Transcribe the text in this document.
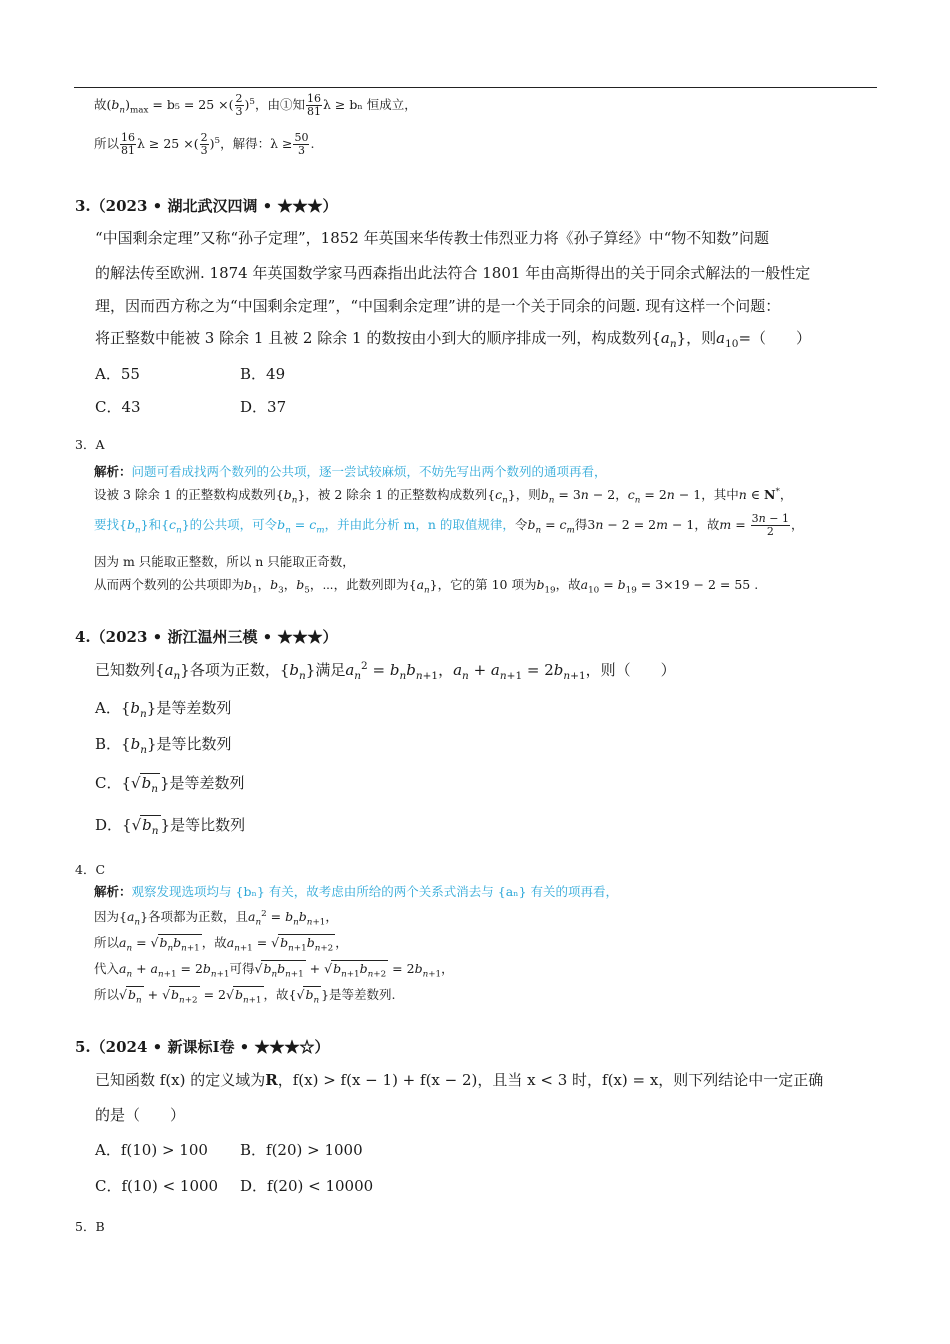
故$(b_n)_{max} = b_5 = 25$ ×( $\frac{2}{3} )^5$，由①知 $\frac{16}{81}$ λ ≥ bₙ 恒成立，
所以 $\frac{16}{81}$ λ ≥ 25 ×( $\frac{2}{3} )^5$，解得：$\lambda \ge \frac{50}{3}$ .
3.（2023 • 湖北武汉四调 • ★★★）
“中国剩余定理”又称“孙子定理”，1852 年英国来华传教士伟烈亚力将《孙子算经》中“物不知数”问题
的解法传至欧洲. 1874 年英国数学家马西森指出此法符合 1801 年由高斯得出的关于同余式解法的一般性定
理，因而西方称之为“中国剩余定理”，“中国剩余定理”讲的是一个关于同余的问题. 现有这样一个问题：
将正整数中能被 3 除余 1 且被 2 除余 1 的数按由小到大的顺序排成一列，构成数列$\{a_n\}$，则$a_{10}=$（　　）
A．55	B．49
C．43	D．37
3．A
解析：问题可看成找两个数列的公共项，逐一尝试较麻烦，不妨先写出两个数列的通项再看，
设被 3 除余 1 的正整数构成数列$\{b_n\}$，被 2 除余 1 的正整数构成数列$\{c_n\}$，则$b_n = 3n - 2$，$c_n = 2n - 1$，其中n ∈ N*，
要找$\{b_n\}$和$\{c_n\}$的公共项，可令$b_n = c_m$，并由此分析 m，n 的取值规律，令$b_n = c_m$得3n − 2 = 2m − 1，故$m = \frac{3n - 1}{2}$ ，
因为 m 只能取正整数，所以 n 只能取正奇数，
从而两个数列的公共项即为$b_1$，$b_3$，$b_5$，⋯，此数列即为$\{a_n\}$，它的第 10 项为$b_{19}$，故$a_{10} = b_{19} = 3\times 19 - 2 = 55$ .
4.（2023 • 浙江温州三模 • ★★★）
已知数列$\{a_n\}$各项为正数，$\{b_n\}$满足$a_n^2 = b_nb_{n+1}$，$a_n + a_{n+1} = 2b_{n+1}$，则（　　）
A．$\{b_n\}$是等差数列
B．$\{b_n\}$是等比数列
C．{$√b_n$ }是等差数列
D．{$√b_n$ }是等比数列
4．C
解析：观察发现选项均与 {bₙ} 有关，故考虑由所给的两个关系式消去与 {aₙ} 有关的项再看，
因为$\{a_n\}$各项都为正数，且$a_n^2 = b_nb_{n+1}$，
所以$a_n = √b_nb_{n+1}$ ，故$a_{n+1} = √b_{n+1}b_{n+2}$ ，
代入$a_n + a_{n+1} = 2b_{n+1}$可得$√b_nb_{n+1} + √b_{n+1}b_{n+2} = 2b_{n+1}$，
所以$√b_n + √b_{n+2} = 2√b_{n+1}$ ，故{$√b_n$ }是等差数列.
5.（2024 • 新课标Ⅰ卷 • ★★★☆）
已知函数 f(x) 的定义域为R，f(x) > f(x − 1) + f(x − 2)，且当 x < 3 时，f(x) = x，则下列结论中一定正确
的是（　　）
A．f(10) > 100 B．f(20) > 1000
C．f(10) < 1000 D．f(20) < 10000
5．B
